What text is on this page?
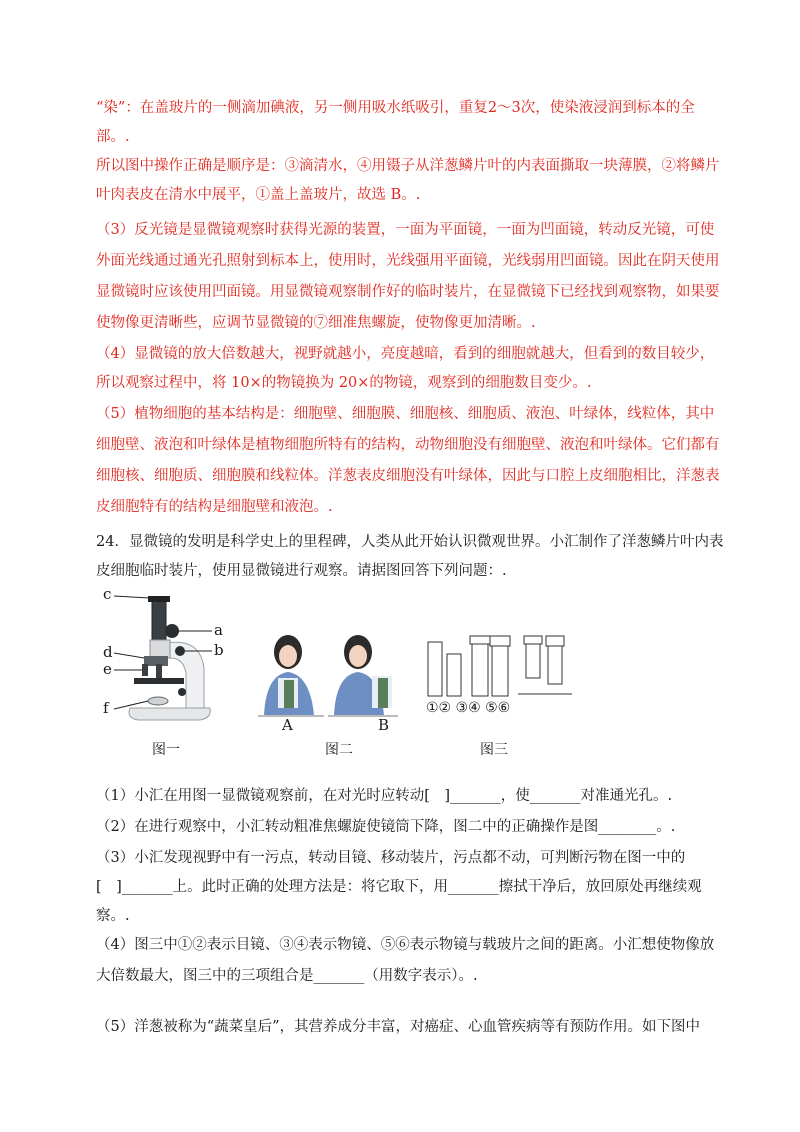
“染”：在盖玻片的一侧滴加碘液，另一侧用吸水纸吸引，重复2～3次，使染液浸润到标本的全
部。.
所以图中操作正确是顺序是：③滴清水，④用镊子从洋葱鳞片叶的内表面撕取一块薄膜，②将鳞片
叶肉表皮在清水中展平，①盖上盖玻片，故选 B。.
（3）反光镜是显微镜观察时获得光源的装置，一面为平面镜，一面为凹面镜，转动反光镜，可使
外面光线通过通光孔照射到标本上，使用时，光线强用平面镜，光线弱用凹面镜。因此在阴天使用
显微镜时应该使用凹面镜。用显微镜观察制作好的临时装片，在显微镜下已经找到观察物，如果要
使物像更清晰些，应调节显微镜的⑦细准焦螺旋，使物像更加清晰。.
（4）显微镜的放大倍数越大，视野就越小，亮度越暗，看到的细胞就越大，但看到的数目较少，
所以观察过程中，将 10×的物镜换为 20×的物镜，观察到的细胞数目变少。.
（5）植物细胞的基本结构是：细胞壁、细胞膜、细胞核、细胞质、液泡、叶绿体，线粒体，其中
细胞壁、液泡和叶绿体是植物细胞所特有的结构，动物细胞没有细胞壁、液泡和叶绿体。它们都有
细胞核、细胞质、细胞膜和线粒体。洋葱表皮细胞没有叶绿体，因此与口腔上皮细胞相比，洋葱表
皮细胞特有的结构是细胞壁和液泡。.
24．显微镜的发明是科学史上的里程碑，人类从此开始认识微观世界。小汇制作了洋葱鳞片叶内表
皮细胞临时装片，使用显微镜进行观察。请据图回答下列问题：.
c
a
b
d
e
f
图一
A	B
图二
①② ③④ ⑤⑥
图三
（1）小汇在用图一显微镜观察前，在对光时应转动[　]_______，使_______对准通光孔。.
（2）在进行观察中，小汇转动粗准焦螺旋使镜筒下降，图二中的正确操作是图________。.
（3）小汇发现视野中有一污点，转动目镜、移动装片，污点都不动，可判断污物在图一中的
[　]_______上。此时正确的处理方法是：将它取下，用_______擦拭干净后，放回原处再继续观
察。.
（4）图三中①②表示目镜、③④表示物镜、⑤⑥表示物镜与载玻片之间的距离。小汇想使物像放
大倍数最大，图三中的三项组合是_______（用数字表示）。.
（5）洋葱被称为“蔬菜皇后”，其营养成分丰富，对癌症、心血管疾病等有预防作用。如下图中
